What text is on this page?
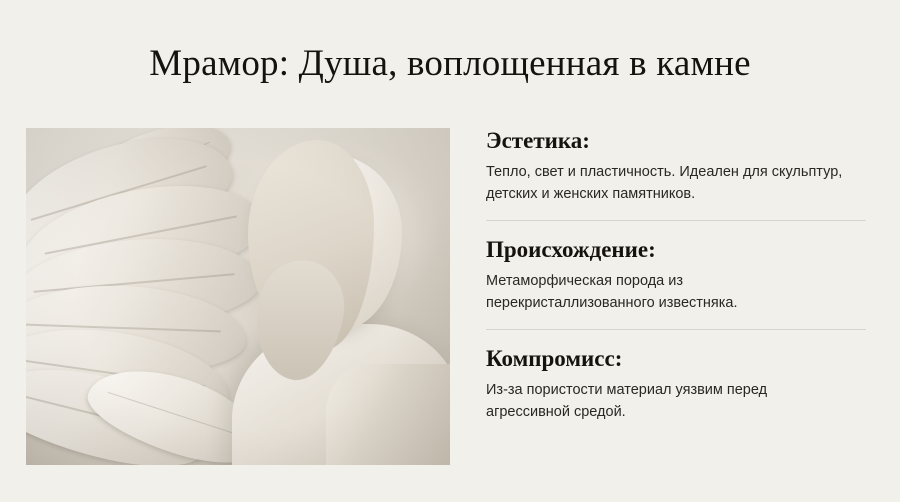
Мрамор: Душа, воплощенная в камне
Эстетика:

Тепло, свет и пластичность. Идеален для скульптур, детских и женских памятников.

Происхождение:

Метаморфическая порода из перекристаллизованного известняка.

Компромисс:

Из-за пористости материал уязвим перед агрессивной средой.
